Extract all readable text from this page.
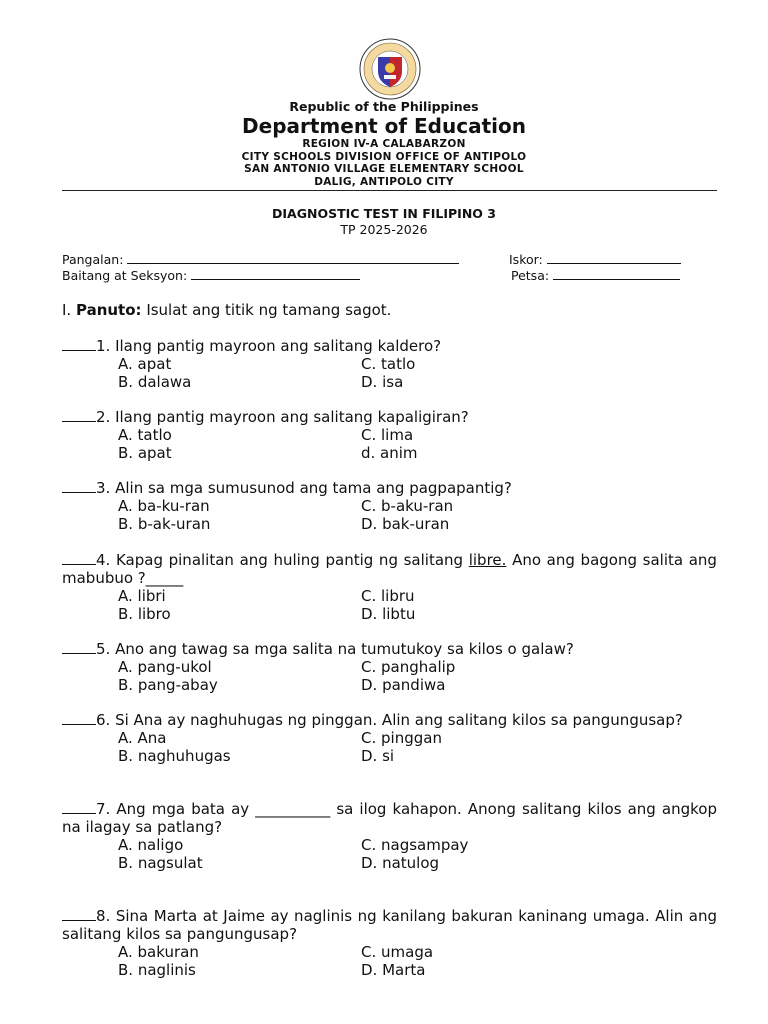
Republic of the Philippines
Department of Education
REGION IV-A CALABARZON
CITY SCHOOLS DIVISION OFFICE OF ANTIPOLO
SAN ANTONIO VILLAGE ELEMENTARY SCHOOL
DALIG, ANTIPOLO CITY
DIAGNOSTIC TEST IN FILIPINO 3
TP 2025-2026
Pangalan:	Iskor:
Baitang at Seksyon:	Petsa:
I. Panuto: Isulat ang titik ng tamang sagot.

1. Ilang pantig mayroon ang salitang kaldero?

A. apat	C. tatlo
B. dalawa	D. isa

2. Ilang pantig mayroon ang salitang kapaligiran?

A. tatlo	C. lima
B. apat	d. anim

3. Alin sa mga sumusunod ang tama ang pagpapantig?

A. ba-ku-ran	C. b-aku-ran
B. b-ak-uran	D. bak-uran

4. Kapag pinalitan ang huling pantig ng salitang libre. Ano ang bagong salita ang mabubuo ?_____

A. libri	C. libru
B. libro	D. libtu

5. Ano ang tawag sa mga salita na tumutukoy sa kilos o galaw?

A. pang-ukol	C. panghalip
B. pang-abay	D. pandiwa

6. Si Ana ay naghuhugas ng pinggan. Alin ang salitang kilos sa pangungusap?

A. Ana	C. pinggan
B. naghuhugas	D. si

7. Ang mga bata ay __________ sa ilog kahapon. Anong salitang kilos ang angkop na ilagay sa patlang?

A. naligo	C. nagsampay
B. nagsulat	D. natulog

8. Sina Marta at Jaime ay naglinis ng kanilang bakuran kaninang umaga. Alin ang salitang kilos sa pangungusap?

A. bakuran	C. umaga
B. naglinis	D. Marta
